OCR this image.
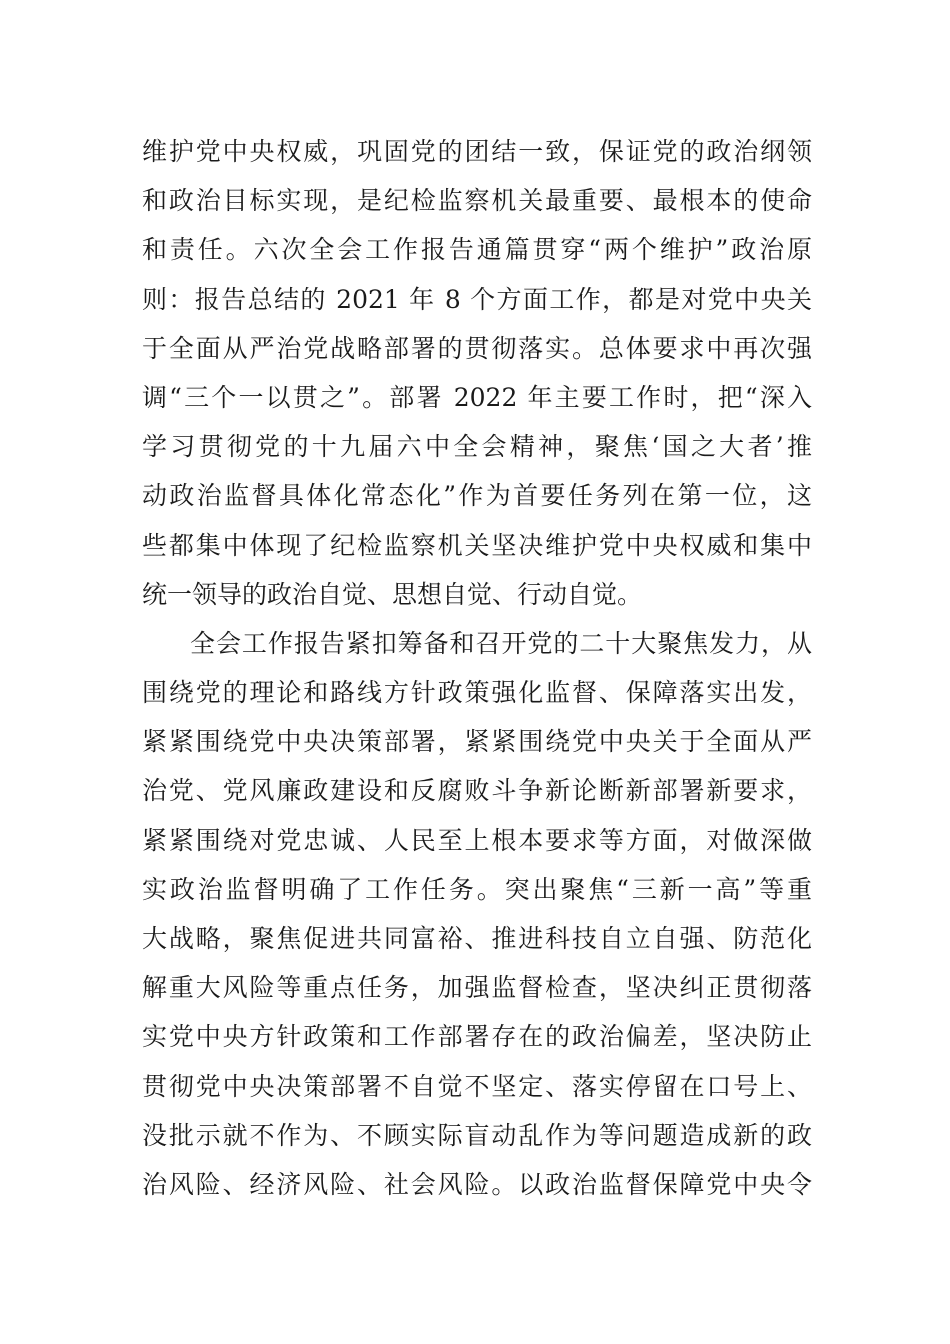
维护党中央权威，巩固党的团结一致，保证党的政治纲领
和政治目标实现，是纪检监察机关最重要、最根本的使命
和责任。六次全会工作报告通篇贯穿“两个维护”政治原
则：报告总结的 2021 年 8 个方面工作，都是对党中央关
于全面从严治党战略部署的贯彻落实。总体要求中再次强
调“三个一以贯之”。部署 2022 年主要工作时，把“深入
学习贯彻党的十九届六中全会精神，聚焦‘国之大者’推
动政治监督具体化常态化”作为首要任务列在第一位，这
些都集中体现了纪检监察机关坚决维护党中央权威和集中
统一领导的政治自觉、思想自觉、行动自觉。
全会工作报告紧扣筹备和召开党的二十大聚焦发力，从
围绕党的理论和路线方针政策强化监督、保障落实出发，
紧紧围绕党中央决策部署，紧紧围绕党中央关于全面从严
治党、党风廉政建设和反腐败斗争新论断新部署新要求，
紧紧围绕对党忠诚、人民至上根本要求等方面，对做深做
实政治监督明确了工作任务。突出聚焦“三新一高”等重
大战略，聚焦促进共同富裕、推进科技自立自强、防范化
解重大风险等重点任务，加强监督检查，坚决纠正贯彻落
实党中央方针政策和工作部署存在的政治偏差，坚决防止
贯彻党中央决策部署不自觉不坚定、落实停留在口号上、
没批示就不作为、不顾实际盲动乱作为等问题造成新的政
治风险、经济风险、社会风险。以政治监督保障党中央令
